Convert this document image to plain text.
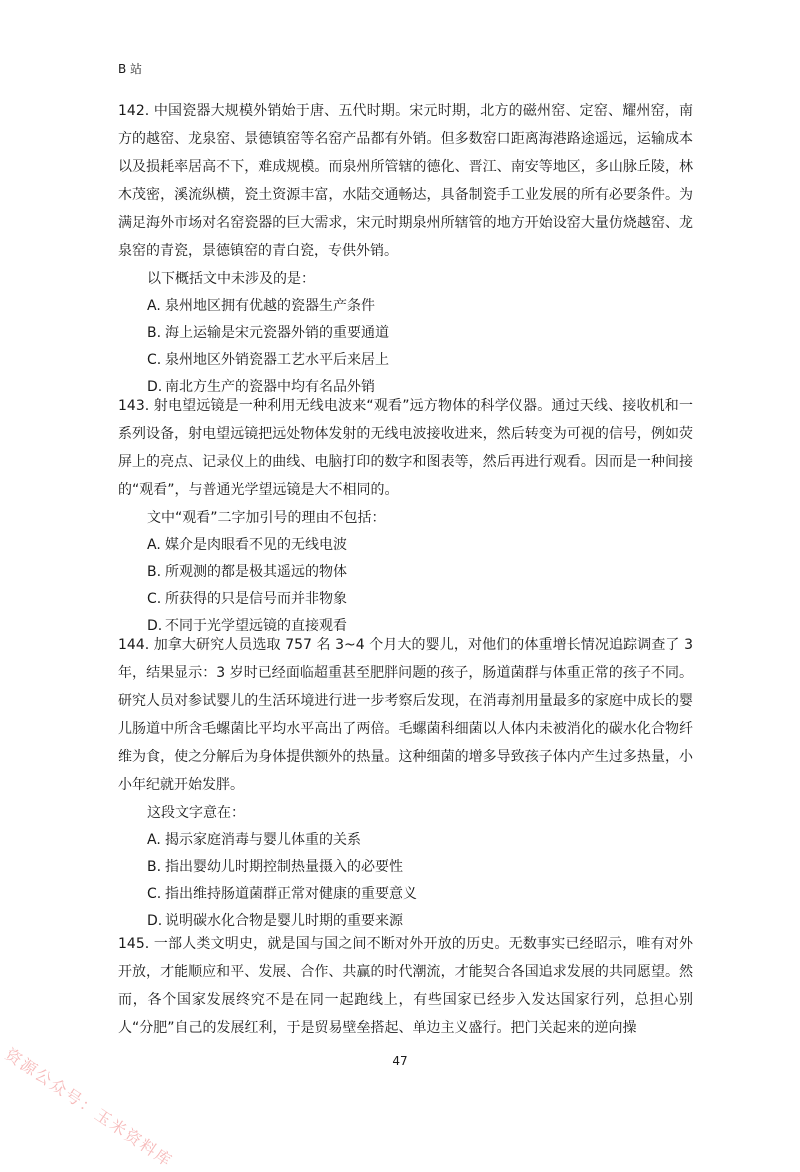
B 站

142. 中国瓷器大规模外销始于唐、五代时期。宋元时期，北方的磁州窑、定窑、耀州窑，南方的越窑、龙泉窑、景德镇窑等名窑产品都有外销。但多数窑口距离海港路途遥远，运输成本以及损耗率居高不下，难成规模。而泉州所管辖的德化、晋江、南安等地区，多山脉丘陵，林木茂密，溪流纵横，瓷土资源丰富，水陆交通畅达，具备制瓷手工业发展的所有必要条件。为满足海外市场对名窑瓷器的巨大需求，宋元时期泉州所辖管的地方开始设窑大量仿烧越窑、龙泉窑的青瓷，景德镇窑的青白瓷，专供外销。

以下概括文中未涉及的是：

A. 泉州地区拥有优越的瓷器生产条件
B. 海上运输是宋元瓷器外销的重要通道
C. 泉州地区外销瓷器工艺水平后来居上
D. 南北方生产的瓷器中均有名品外销

143. 射电望远镜是一种利用无线电波来“观看”远方物体的科学仪器。通过天线、接收机和一系列设备，射电望远镜把远处物体发射的无线电波接收进来，然后转变为可视的信号，例如荧屏上的亮点、记录仪上的曲线、电脑打印的数字和图表等，然后再进行观看。因而是一种间接的“观看”，与普通光学望远镜是大不相同的。

文中“观看”二字加引号的理由不包括：

A. 媒介是肉眼看不见的无线电波
B. 所观测的都是极其遥远的物体
C. 所获得的只是信号而并非物象
D. 不同于光学望远镜的直接观看

144. 加拿大研究人员选取 757 名 3~4 个月大的婴儿，对他们的体重增长情况追踪调查了 3 年，结果显示：3 岁时已经面临超重甚至肥胖问题的孩子，肠道菌群与体重正常的孩子不同。研究人员对参试婴儿的生活环境进行进一步考察后发现，在消毒剂用量最多的家庭中成长的婴儿肠道中所含毛螺菌比平均水平高出了两倍。毛螺菌科细菌以人体内未被消化的碳水化合物纤维为食，使之分解后为身体提供额外的热量。这种细菌的增多导致孩子体内产生过多热量，小小年纪就开始发胖。

这段文字意在：

A. 揭示家庭消毒与婴儿体重的关系
B. 指出婴幼儿时期控制热量摄入的必要性
C. 指出维持肠道菌群正常对健康的重要意义
D. 说明碳水化合物是婴儿时期的重要来源

145. 一部人类文明史，就是国与国之间不断对外开放的历史。无数事实已经昭示，唯有对外开放，才能顺应和平、发展、合作、共赢的时代潮流，才能契合各国追求发展的共同愿望。然而，各个国家发展终究不是在同一起跑线上，有些国家已经步入发达国家行列，总担心别人“分肥”自己的发展红利，于是贸易壁垒搭起、单边主义盛行。把门关起来的逆向操

47
资源公众号：玉米资料库
